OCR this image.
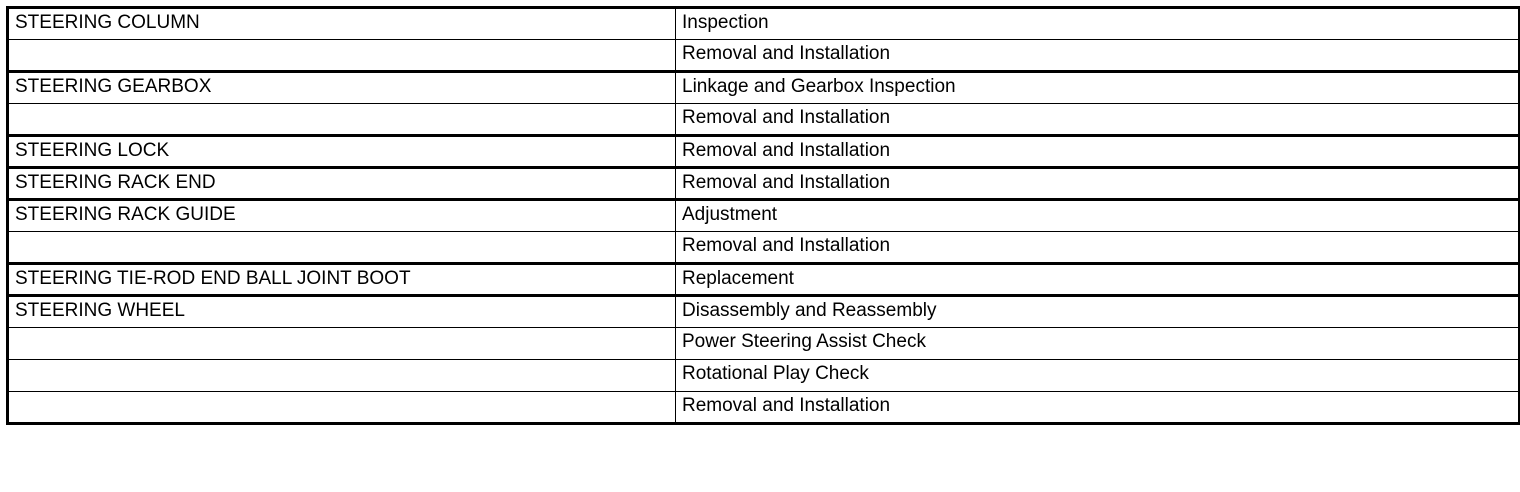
STEERING COLUMN	Inspection
	Removal and Installation
STEERING GEARBOX	Linkage and Gearbox Inspection
	Removal and Installation
STEERING LOCK	Removal and Installation
STEERING RACK END	Removal and Installation
STEERING RACK GUIDE	Adjustment
	Removal and Installation
STEERING TIE-ROD END BALL JOINT BOOT	Replacement
STEERING WHEEL	Disassembly and Reassembly
	Power Steering Assist Check
	Rotational Play Check
	Removal and Installation
